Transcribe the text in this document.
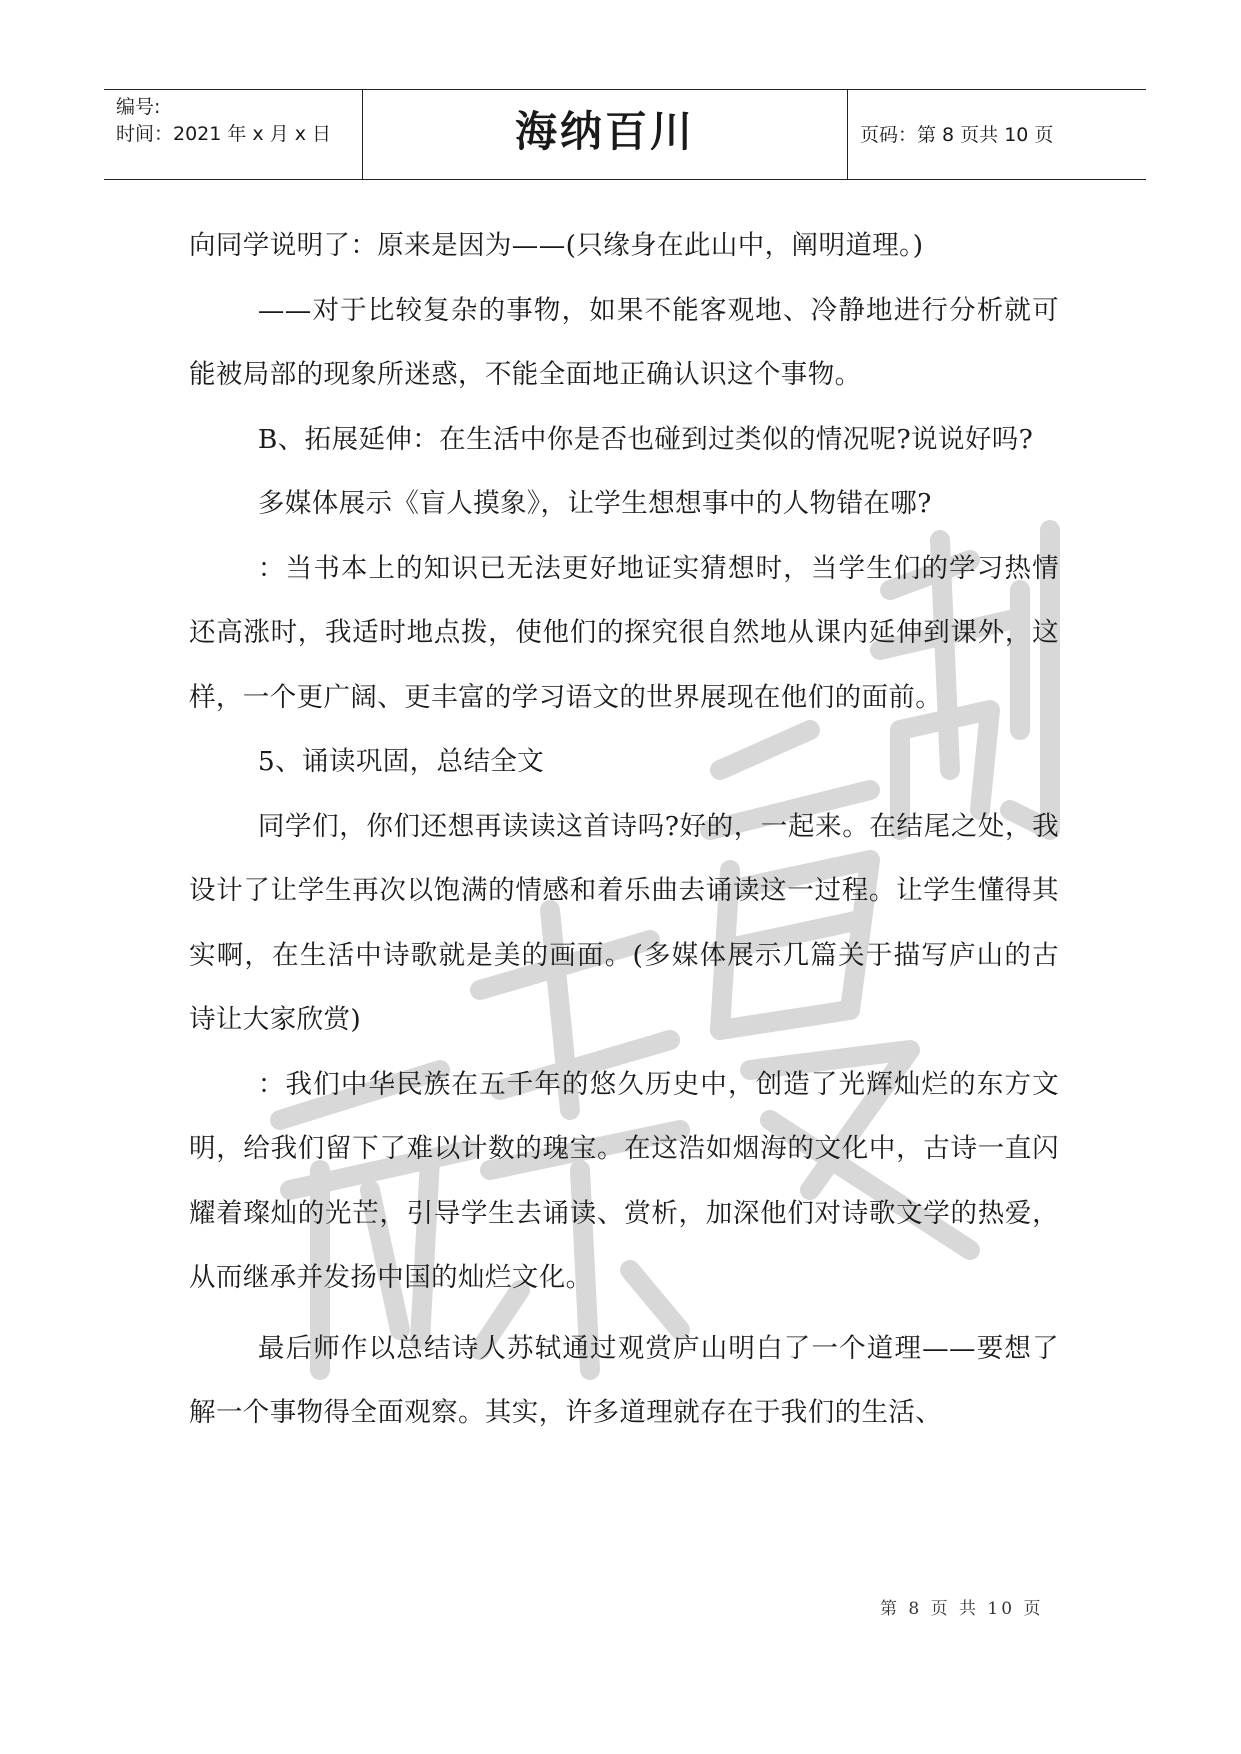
编号:
时间：2021 年 x 月 x 日	海纳百川	页码：第 8 页共 10 页

向同学说明了：原来是因为——(只缘身在此山中，阐明道理。)

——对于比较复杂的事物，如果不能客观地、冷静地进行分析就可能被局部的现象所迷惑，不能全面地正确认识这个事物。

B、拓展延伸：在生活中你是否也碰到过类似的情况呢?说说好吗?

多媒体展示《盲人摸象》，让学生想想事中的人物错在哪?

：当书本上的知识已无法更好地证实猜想时，当学生们的学习热情还高涨时，我适时地点拨，使他们的探究很自然地从课内延伸到课外，这样，一个更广阔、更丰富的学习语文的世界展现在他们的面前。

5、诵读巩固，总结全文

同学们，你们还想再读读这首诗吗?好的，一起来。在结尾之处，我设计了让学生再次以饱满的情感和着乐曲去诵读这一过程。让学生懂得其实啊，在生活中诗歌就是美的画面。(多媒体展示几篇关于描写庐山的古诗让大家欣赏)

：我们中华民族在五千年的悠久历史中，创造了光辉灿烂的东方文明，给我们留下了难以计数的瑰宝。在这浩如烟海的文化中，古诗一直闪耀着璨灿的光芒，引导学生去诵读、赏析，加深他们对诗歌文学的热爱，从而继承并发扬中国的灿烂文化。

最后师作以总结诗人苏轼通过观赏庐山明白了一个道理——要想了解一个事物得全面观察。其实，许多道理就存在于我们的生活、

第 8 页 共 10 页
